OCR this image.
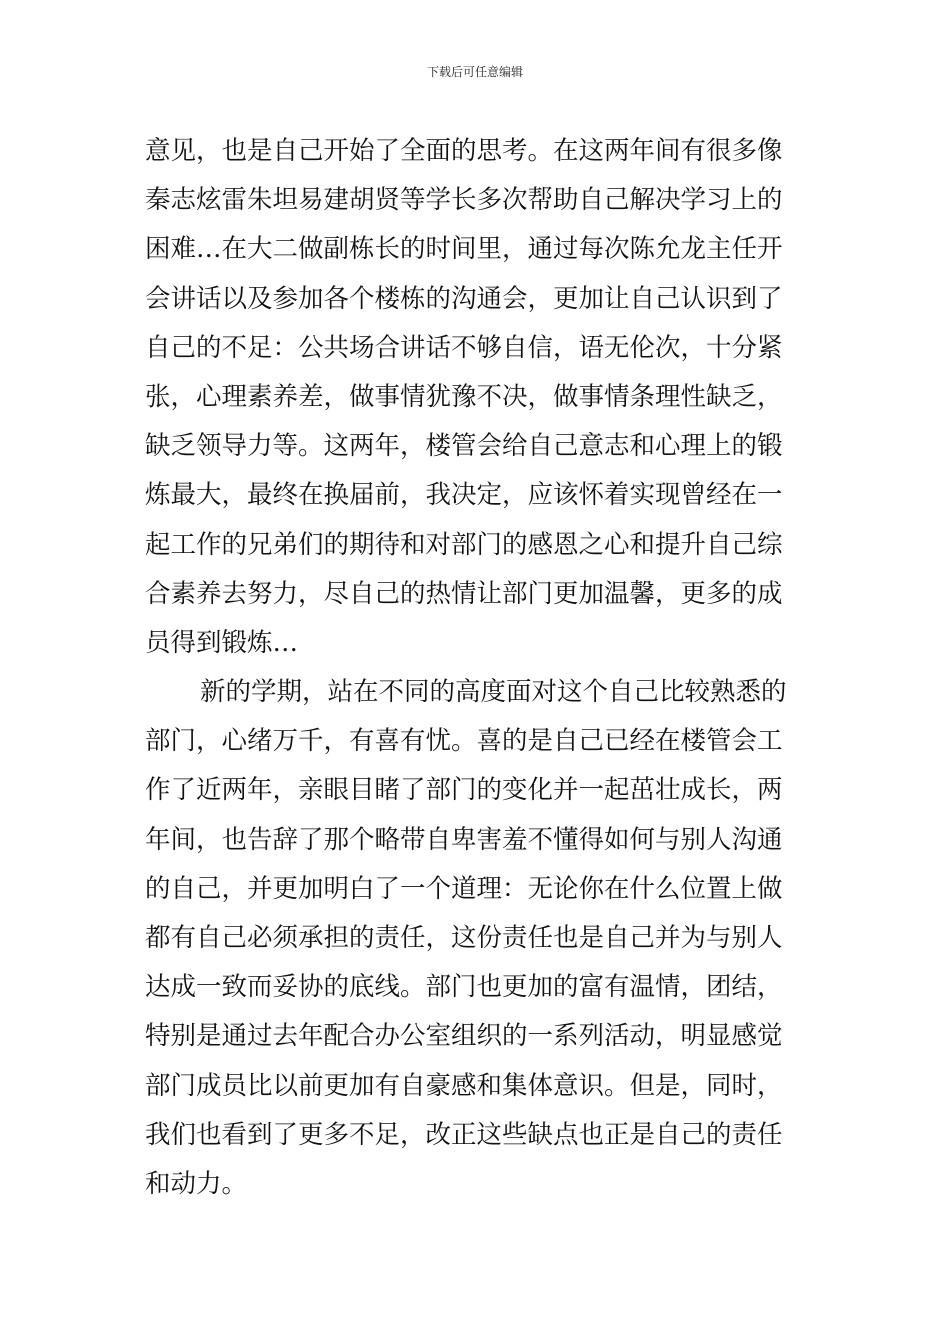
下载后可任意编辑
意见，也是自己开始了全面的思考。在这两年间有很多像
秦志炫雷朱坦易建胡贤等学长多次帮助自己解决学习上的
困难…在大二做副栋长的时间里，通过每次陈允龙主任开
会讲话以及参加各个楼栋的沟通会，更加让自己认识到了
自己的不足：公共场合讲话不够自信，语无伦次，十分紧
张，心理素养差，做事情犹豫不决，做事情条理性缺乏，
缺乏领导力等。这两年，楼管会给自己意志和心理上的锻
炼最大，最终在换届前，我决定，应该怀着实现曾经在一
起工作的兄弟们的期待和对部门的感恩之心和提升自己综
合素养去努力，尽自己的热情让部门更加温馨，更多的成
员得到锻炼…
新的学期，站在不同的高度面对这个自己比较熟悉的
部门，心绪万千，有喜有忧。喜的是自己已经在楼管会工
作了近两年，亲眼目睹了部门的变化并一起茁壮成长，两
年间，也告辞了那个略带自卑害羞不懂得如何与别人沟通
的自己，并更加明白了一个道理：无论你在什么位置上做
都有自己必须承担的责任，这份责任也是自己并为与别人
达成一致而妥协的底线。部门也更加的富有温情，团结，
特别是通过去年配合办公室组织的一系列活动，明显感觉
部门成员比以前更加有自豪感和集体意识。但是，同时，
我们也看到了更多不足，改正这些缺点也正是自己的责任
和动力。
